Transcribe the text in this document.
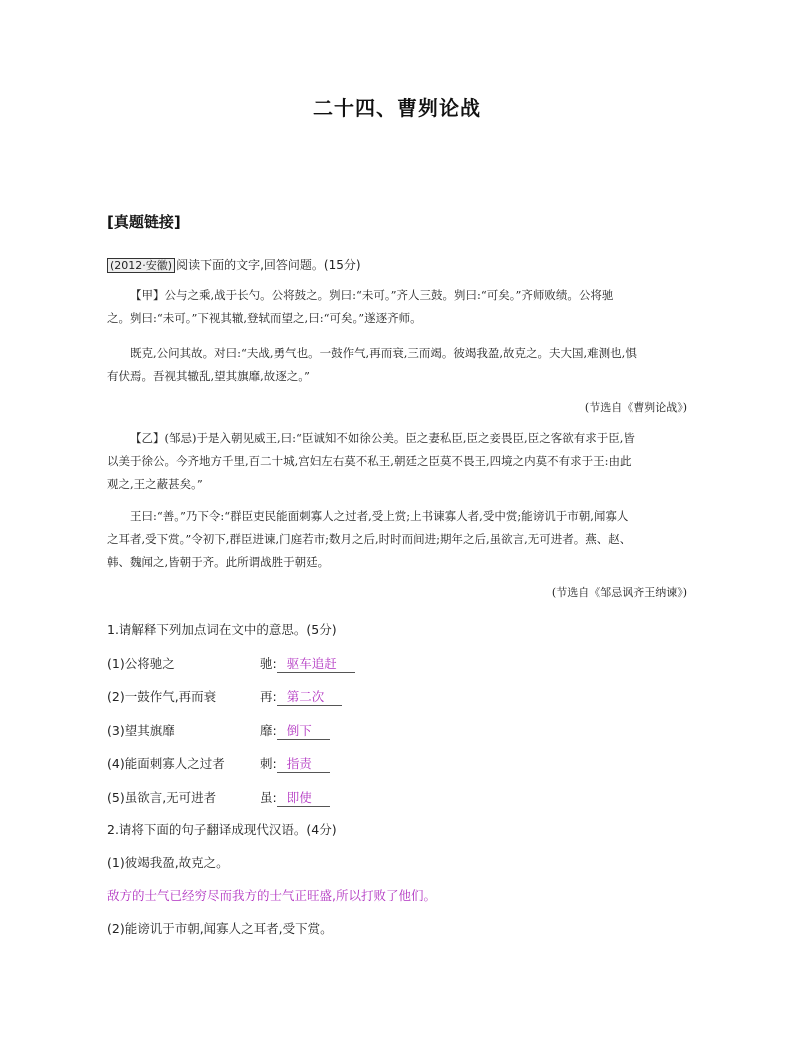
二十四、曹刿论战
[真题链接]
(2012·安徽) 阅读下面的文字,回答问题。(15分)

【甲】公与之乘,战于长勺。公将鼓之。刿曰:“未可。”齐人三鼓。刿曰:“可矣。”齐师败绩。公将驰

之。刿曰:“未可。”下视其辙,登轼而望之,曰:“可矣。”遂逐齐师。

既克,公问其故。对曰:“夫战,勇气也。一鼓作气,再而衰,三而竭。彼竭我盈,故克之。夫大国,难测也,惧

有伏焉。吾视其辙乱,望其旗靡,故逐之。”

(节选自《曹刿论战》)

【乙】(邹忌)于是入朝见威王,曰:“臣诚知不如徐公美。臣之妻私臣,臣之妾畏臣,臣之客欲有求于臣,皆

以美于徐公。今齐地方千里,百二十城,宫妇左右莫不私王,朝廷之臣莫不畏王,四境之内莫不有求于王:由此

观之,王之蔽甚矣。”

王曰:“善。”乃下令:“群臣吏民能面刺寡人之过者,受上赏;上书谏寡人者,受中赏;能谤讥于市朝,闻寡人

之耳者,受下赏。”令初下,群臣进谏,门庭若市;数月之后,时时而间进;期年之后,虽欲言,无可进者。燕、赵、

韩、魏闻之,皆朝于齐。此所谓战胜于朝廷。

(节选自《邹忌讽齐王纳谏》)
1.请解释下列加点词在文中的意思。(5分)
(1)公将驰之	驰: 驱车追赶
(2)一鼓作气,再而衰	再: 第二次
(3)望其旗靡	靡: 倒下
(4)能面刺寡人之过者	刺: 指责
(5)虽欲言,无可进者	虽: 即使
2.请将下面的句子翻译成现代汉语。(4分)
(1)彼竭我盈,故克之。
敌方的士气已经穷尽而我方的士气正旺盛,所以打败了他们。
(2)能谤讥于市朝,闻寡人之耳者,受下赏。
